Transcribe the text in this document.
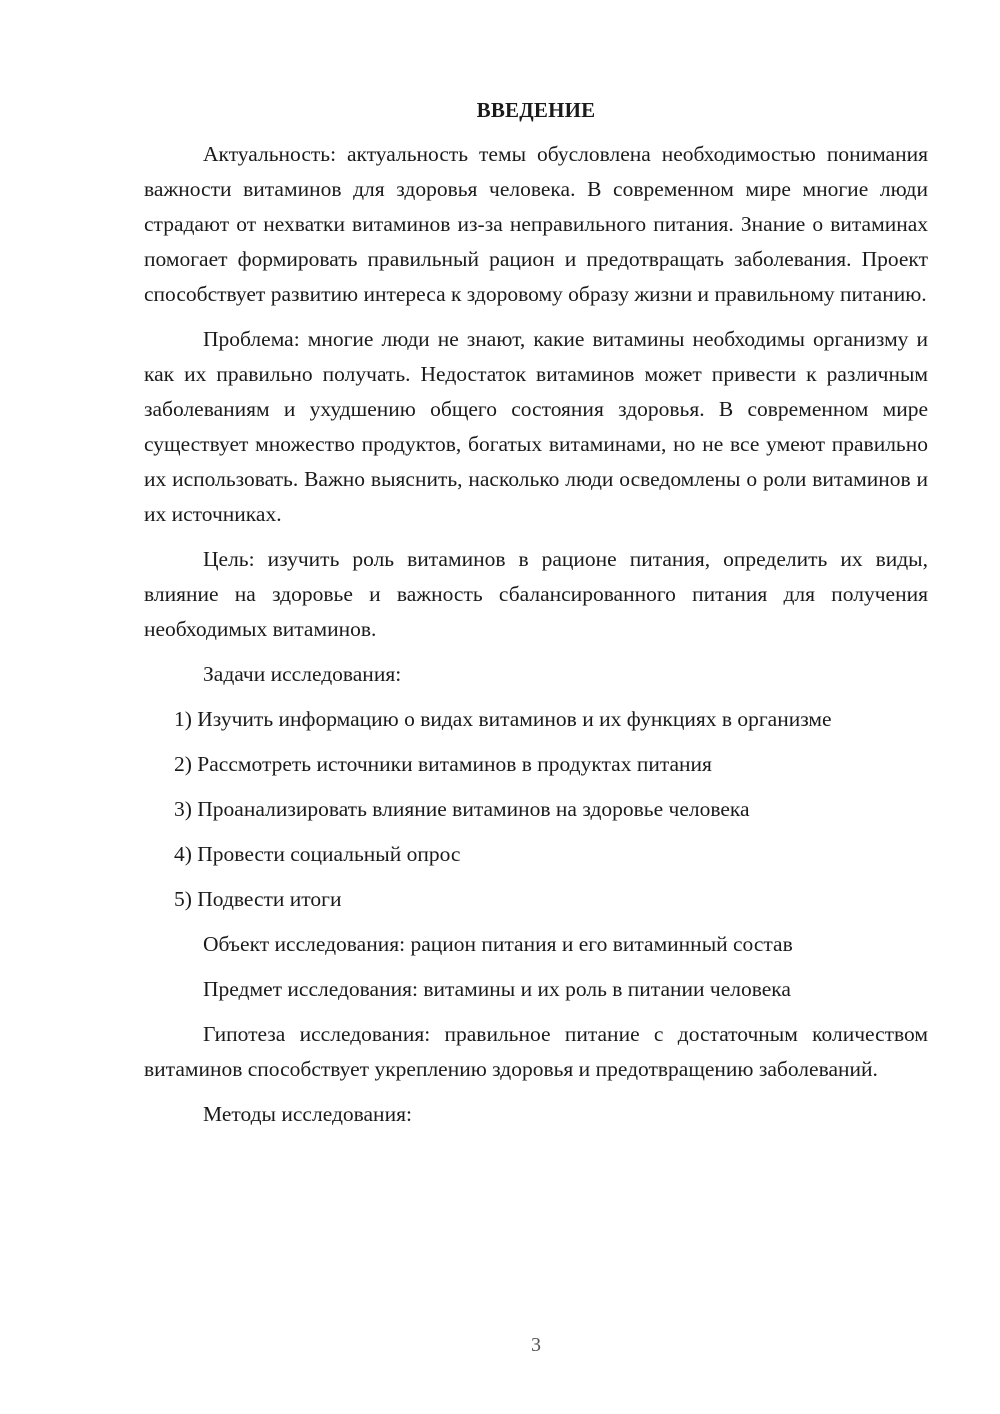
ВВЕДЕНИЕ

Актуальность: актуальность темы обусловлена необходимостью понимания важности витаминов для здоровья человека. В современном мире многие люди страдают от нехватки витаминов из-за неправильного питания. Знание о витаминах помогает формировать правильный рацион и предотвращать заболевания. Проект способствует развитию интереса к здоровому образу жизни и правильному питанию.

Проблема: многие люди не знают, какие витамины необходимы организму и как их правильно получать. Недостаток витаминов может привести к различным заболеваниям и ухудшению общего состояния здоровья. В современном мире существует множество продуктов, богатых витаминами, но не все умеют правильно их использовать. Важно выяснить, насколько люди осведомлены о роли витаминов и их источниках.

Цель: изучить роль витаминов в рационе питания, определить их виды, влияние на здоровье и важность сбалансированного питания для получения необходимых витаминов.

Задачи исследования:

1) Изучить информацию о видах витаминов и их функциях в организме

2) Рассмотреть источники витаминов в продуктах питания

3) Проанализировать влияние витаминов на здоровье человека

4) Провести социальный опрос

5) Подвести итоги

Объект исследования: рацион питания и его витаминный состав

Предмет исследования: витамины и их роль в питании человека

Гипотеза исследования: правильное питание с достаточным количеством витаминов способствует укреплению здоровья и предотвращению заболеваний.

Методы исследования:

3
